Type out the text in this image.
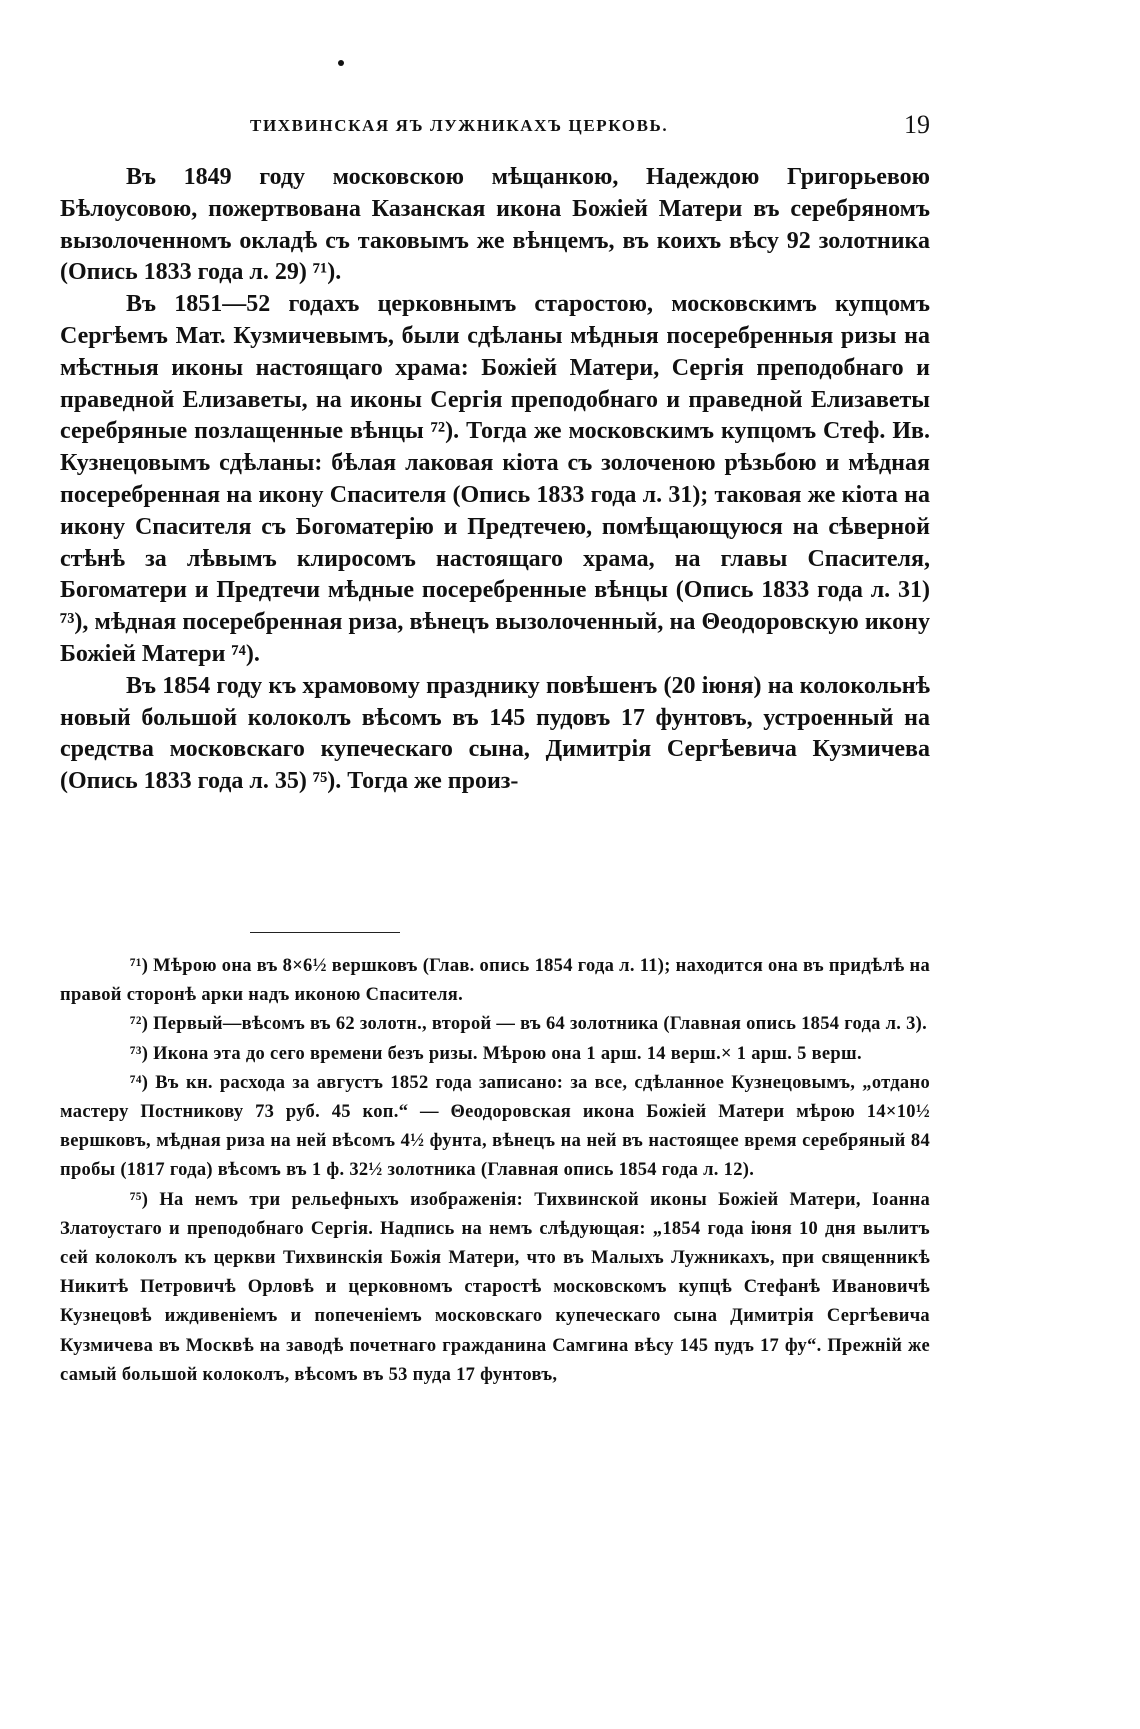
ТИХВИНСКАЯ ЯЪ ЛУЖНИКАХЪ ЦЕРКОВЬ.	19

Въ 1849 году московскою мѣщанкою, Надеждою Григорьевою Бѣлоусовою, пожертвована Казанская икона Божіей Матери въ серебряномъ вызолоченномъ окладѣ съ таковымъ же вѣнцемъ, въ коихъ вѣсу 92 золотника (Опись 1833 года л. 29) ⁷¹).

Въ 1851—52 годахъ церковнымъ старостою, московскимъ купцомъ Сергѣемъ Мат. Кузмичевымъ, были сдѣланы мѣдныя посеребренныя ризы на мѣстныя иконы настоящаго храма: Божіей Матери, Сергія преподобнаго и праведной Елизаветы, на иконы Сергія преподобнаго и праведной Елизаветы серебряные позлащенные вѣнцы ⁷²). Тогда же московскимъ купцомъ Стеф. Ив. Кузнецовымъ сдѣланы: бѣлая лаковая кіота съ золоченою рѣзьбою и мѣдная посеребренная на икону Спасителя (Опись 1833 года л. 31); таковая же кіота на икону Спасителя съ Богоматерію и Предтечею, помѣщающуюся на сѣверной стѣнѣ за лѣвымъ клиросомъ настоящаго храма, на главы Спасителя, Богоматери и Предтечи мѣдные посеребренные вѣнцы (Опись 1833 года л. 31) ⁷³), мѣдная посеребренная риза, вѣнецъ вызолоченный, на Θеодоровскую икону Божіей Матери ⁷⁴).

Въ 1854 году къ храмовому празднику повѣшенъ (20 іюня) на колокольнѣ новый большой колоколъ вѣсомъ въ 145 пудовъ 17 фунтовъ, устроенный на средства московскаго купеческаго сына, Димитрія Сергѣевича Кузмичева (Опись 1833 года л. 35) ⁷⁵). Тогда же произ-

⁷¹) Мѣрою она въ 8×6½ вершковъ (Глав. опись 1854 года л. 11); находится она въ придѣлѣ на правой сторонѣ арки надъ иконою Спасителя.

⁷²) Первый—вѣсомъ въ 62 золотн., второй — въ 64 золотника (Главная опись 1854 года л. 3).

⁷³) Икона эта до сего времени безъ ризы. Мѣрою она 1 арш. 14 верш.× 1 арш. 5 верш.

⁷⁴) Въ кн. расхода за августъ 1852 года записано: за все, сдѣланное Кузнецовымъ, „отдано мастеру Постникову 73 руб. 45 коп.“ — Θеодоровская икона Божіей Матери мѣрою 14×10½ вершковъ, мѣдная риза на ней вѣсомъ 4½ фунта, вѣнецъ на ней въ настоящее время серебряный 84 пробы (1817 года) вѣсомъ въ 1 ф. 32½ золотника (Главная опись 1854 года л. 12).

⁷⁵) На немъ три рельефныхъ изображенія: Тихвинской иконы Божіей Матери, Іоанна Златоустаго и преподобнаго Сергія. Надпись на немъ слѣдующая: „1854 года іюня 10 дня вылитъ сей колоколъ къ церкви Тихвинскія Божія Матери, что въ Малыхъ Лужникахъ, при священникѣ Никитѣ Петровичѣ Орловѣ и церковномъ старостѣ московскомъ купцѣ Стефанѣ Ивановичѣ Кузнецовѣ иждивеніемъ и попеченіемъ московскаго купеческаго сына Димитрія Сергѣевича Кузмичева въ Москвѣ на заводѣ почетнаго гражданина Самгина вѣсу 145 пудъ 17 фу“. Прежній же самый большой колоколъ, вѣсомъ въ 53 пуда 17 фунтовъ,
